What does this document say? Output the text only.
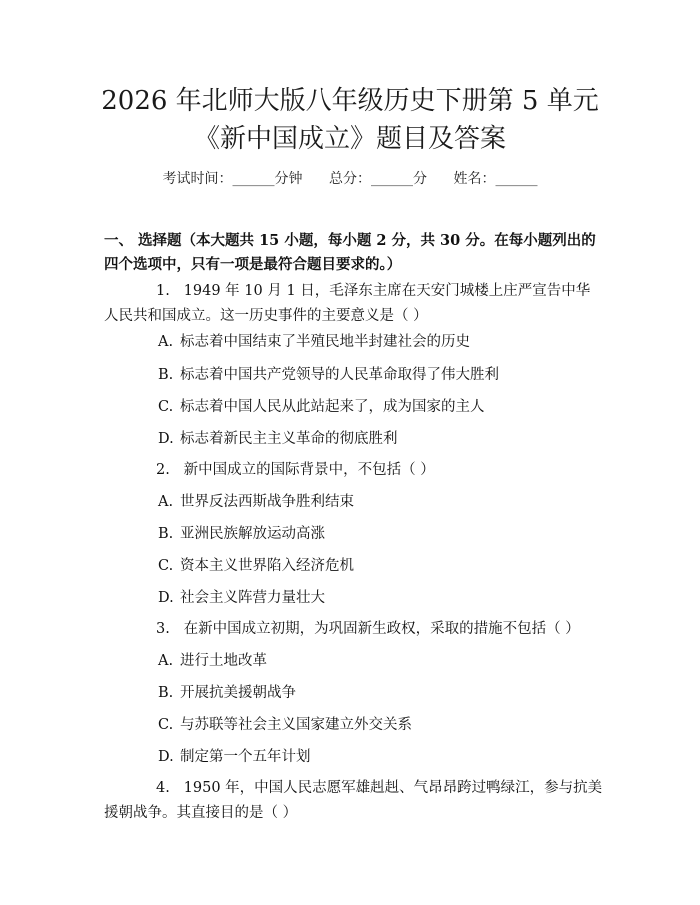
2026 年北师大版八年级历史下册第 5 单元
《新中国成立》题目及答案
考试时间：______分钟 总分：______分 姓名：______
一、 选择题（本大题共 15 小题，每小题 2 分，共 30 分。在每小题列出的四个选项中，只有一项是最符合题目要求的。）
1. 1949 年 10 月 1 日，毛泽东主席在天安门城楼上庄严宣告中华人民共和国成立。这一历史事件的主要意义是（ ）
A. 标志着中国结束了半殖民地半封建社会的历史
B. 标志着中国共产党领导的人民革命取得了伟大胜利
C. 标志着中国人民从此站起来了，成为国家的主人
D. 标志着新民主主义革命的彻底胜利
2. 新中国成立的国际背景中，不包括（ ）
A. 世界反法西斯战争胜利结束
B. 亚洲民族解放运动高涨
C. 资本主义世界陷入经济危机
D. 社会主义阵营力量壮大
3. 在新中国成立初期，为巩固新生政权，采取的措施不包括（ ）
A. 进行土地改革
B. 开展抗美援朝战争
C. 与苏联等社会主义国家建立外交关系
D. 制定第一个五年计划
4. 1950 年，中国人民志愿军雄赳赳、气昂昂跨过鸭绿江，参与抗美援朝战争。其直接目的是（ ）
